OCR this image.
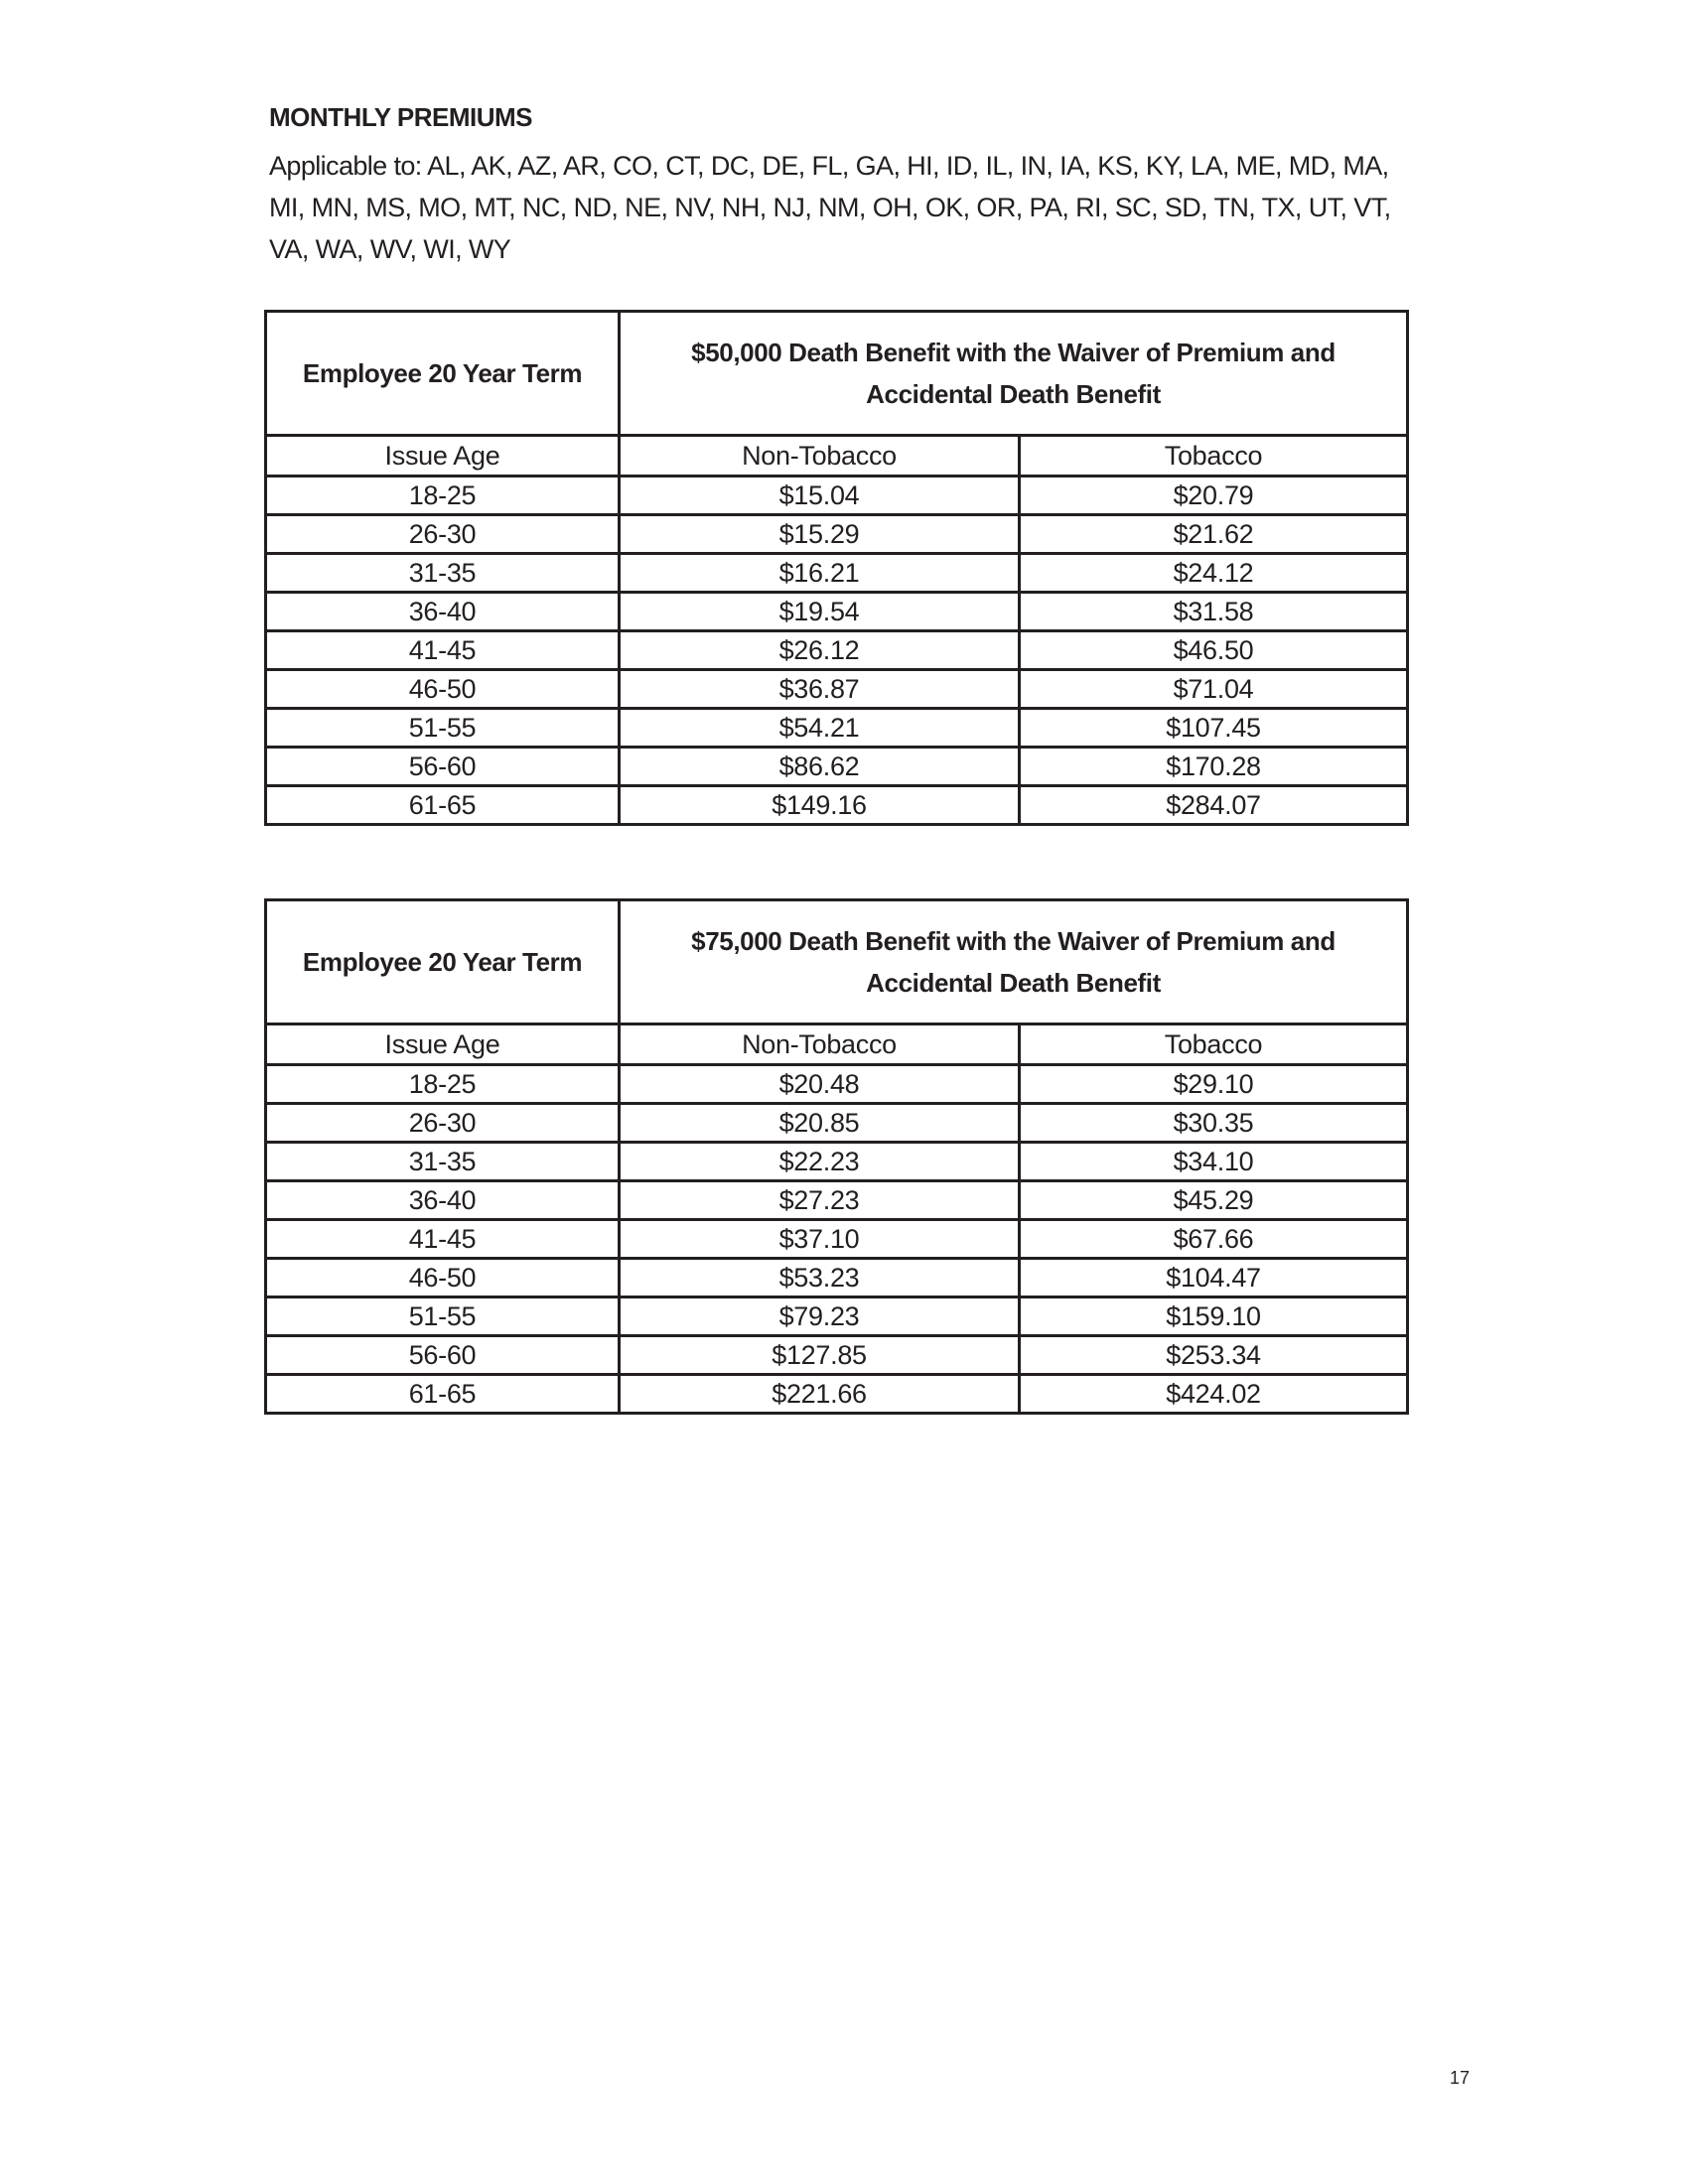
MONTHLY PREMIUMS
Applicable to: AL, AK, AZ, AR, CO, CT, DC, DE, FL, GA, HI, ID, IL, IN, IA, KS, KY, LA, ME, MD, MA, MI, MN, MS, MO, MT, NC, ND, NE, NV, NH, NJ, NM, OH, OK, OR, PA, RI, SC, SD, TN, TX, UT, VT, VA, WA, WV, WI, WY
Employee 20 Year Term	$50,000 Death Benefit with the Waiver of Premium and Accidental Death Benefit	
Issue Age	Non-Tobacco	Tobacco
18-25	$15.04	$20.79
26-30	$15.29	$21.62
31-35	$16.21	$24.12
36-40	$19.54	$31.58
41-45	$26.12	$46.50
46-50	$36.87	$71.04
51-55	$54.21	$107.45
56-60	$86.62	$170.28
61-65	$149.16	$284.07
Employee 20 Year Term	$75,000 Death Benefit with the Waiver of Premium and Accidental Death Benefit	
Issue Age	Non-Tobacco	Tobacco
18-25	$20.48	$29.10
26-30	$20.85	$30.35
31-35	$22.23	$34.10
36-40	$27.23	$45.29
41-45	$37.10	$67.66
46-50	$53.23	$104.47
51-55	$79.23	$159.10
56-60	$127.85	$253.34
61-65	$221.66	$424.02
17
